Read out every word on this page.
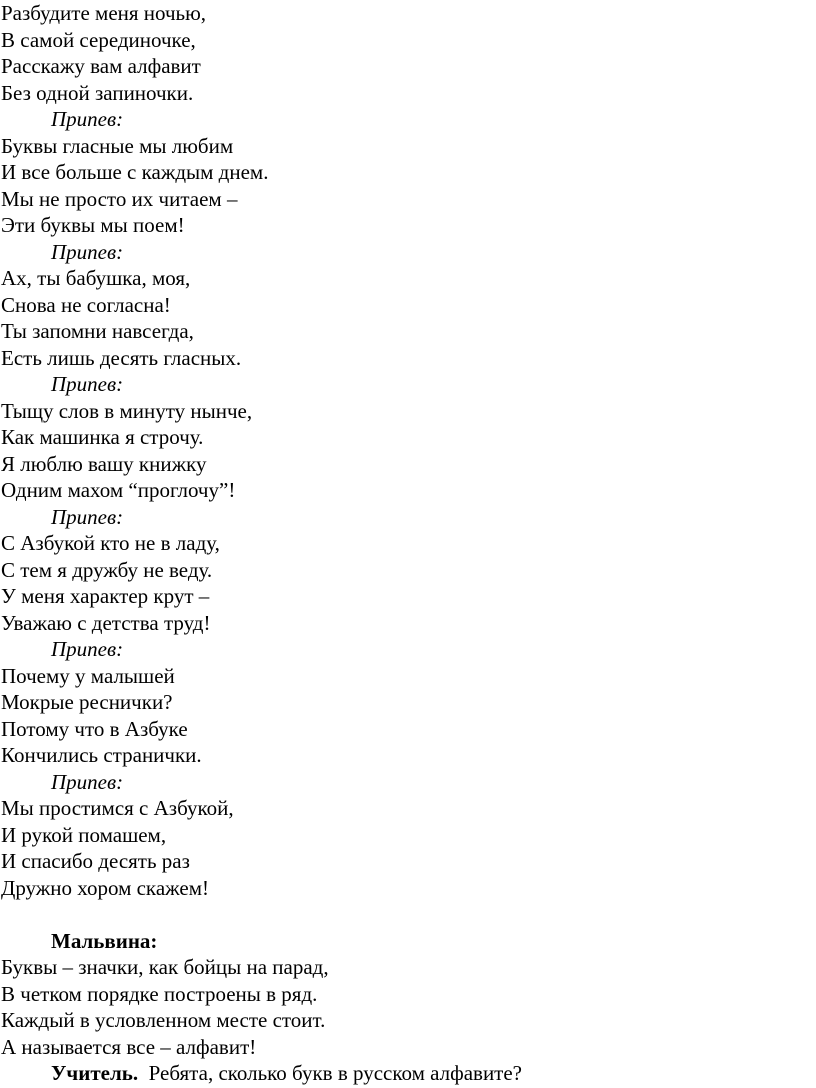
Разбудите меня ночью,
В самой серединочке,
Расскажу вам алфавит
Без одной запиночки.
Припев:
Буквы гласные мы любим
И все больше с каждым днем.
Мы не просто их читаем –
Эти буквы мы поем!
Припев:
Ах, ты бабушка, моя,
Снова не согласна!
Ты запомни навсегда,
Есть лишь десять гласных.
Припев:
Тыщу слов в минуту нынче,
Как машинка я строчу.
Я люблю вашу книжку
Одним махом “проглочу”!
Припев:
С Азбукой кто не в ладу,
С тем я дружбу не веду.
У меня характер крут –
Уважаю с детства труд!
Припев:
Почему у малышей
Мокрые реснички?
Потому что в Азбуке
Кончились странички.
Припев:
Мы простимся с Азбукой,
И рукой помашем,
И спасибо десять раз
Дружно хором скажем!
Мальвина:
Буквы – значки, как бойцы на парад,
В четком порядке построены в ряд.
Каждый в условленном месте стоит.
А называется все – алфавит!
Учитель. Ребята, сколько букв в русском алфавите?
